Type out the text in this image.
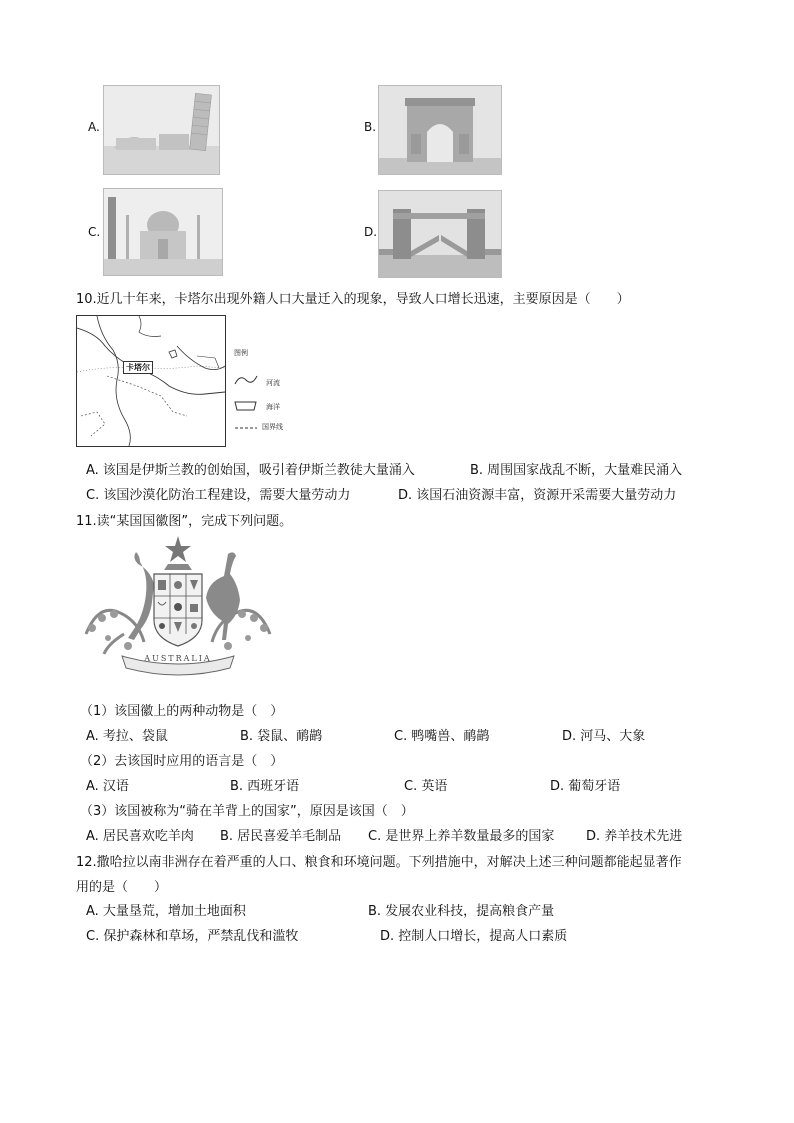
A.	B.
C.	D.
10.近几十年来，卡塔尔出现外籍人口大量迁入的现象，导致人口增长迅速，主要原因是（　　）
卡塔尔
图例
河流
海洋
国界线
A. 该国是伊斯兰教的创始国，吸引着伊斯兰教徒大量涌入	B. 周围国家战乱不断，大量难民涌入
C. 该国沙漠化防治工程建设，需要大量劳动力	D. 该国石油资源丰富，资源开采需要大量劳动力
11.读“某国国徽图”，完成下列问题。
AUSTRALIA
（1）该国徽上的两种动物是（　）
A. 考拉、袋鼠	B. 袋鼠、鸸鹋	C. 鸭嘴兽、鸸鹋	D. 河马、大象
（2）去该国时应用的语言是（　）
A. 汉语	B. 西班牙语	C. 英语	D. 葡萄牙语
（3）该国被称为“骑在羊背上的国家”，原因是该国（　）
A. 居民喜欢吃羊肉 B. 居民喜爱羊毛制品 C. 是世界上养羊数量最多的国家 D. 养羊技术先进
12.撒哈拉以南非洲存在着严重的人口、粮食和环境问题。下列措施中，对解决上述三种问题都能起显著作
用的是（　　）
A. 大量垦荒，增加土地面积	B. 发展农业科技，提高粮食产量
C. 保护森林和草场，严禁乱伐和滥牧	D. 控制人口增长，提高人口素质
